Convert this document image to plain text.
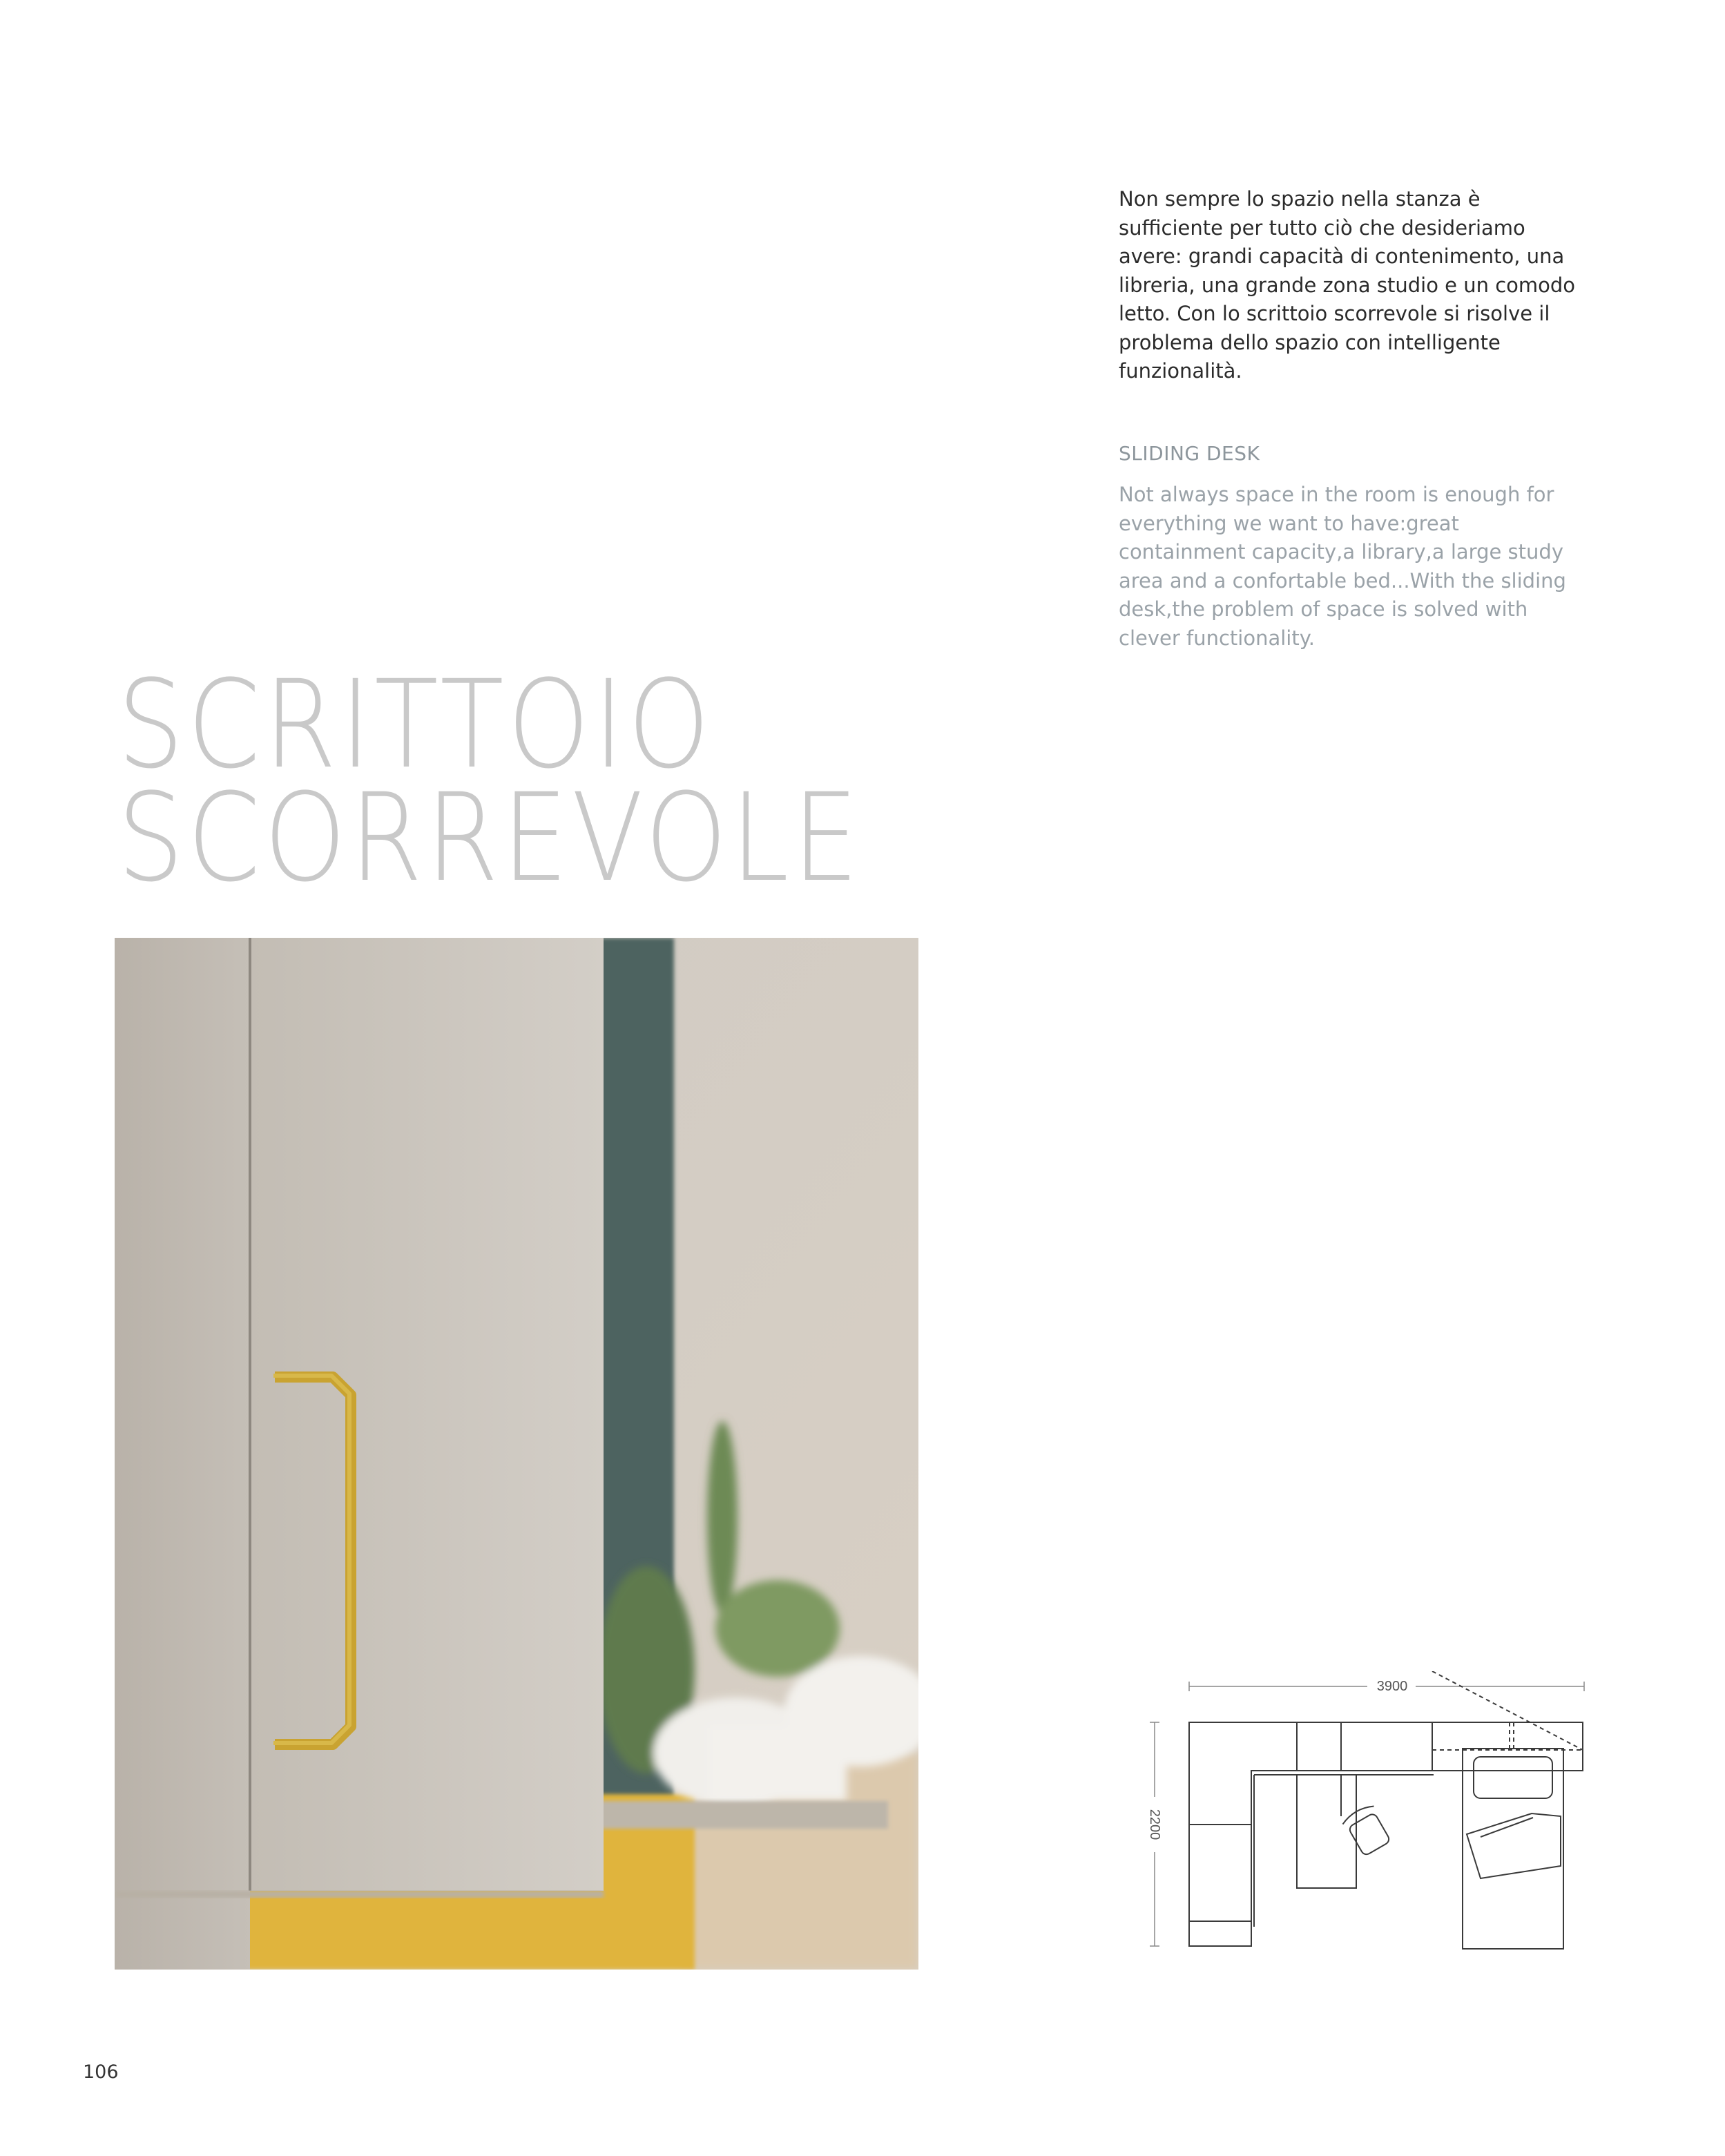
Non sempre lo spazio nella stanza è sufficiente per tutto ciò che desideriamo avere: grandi capacità di contenimento, una libreria, una grande zona studio e un comodo letto. Con lo scrittoio scorrevole si risolve il problema dello spazio con intelligente funzionalità.

SLIDING DESK

Not always space in the room is enough for everything we want to have:great containment capacity,a library,a large study area and a confortable bed...With the sliding desk,the problem of space is solved with clever functionality.

SCRITTOIO
SCORREVOLE
3900
2200

106
